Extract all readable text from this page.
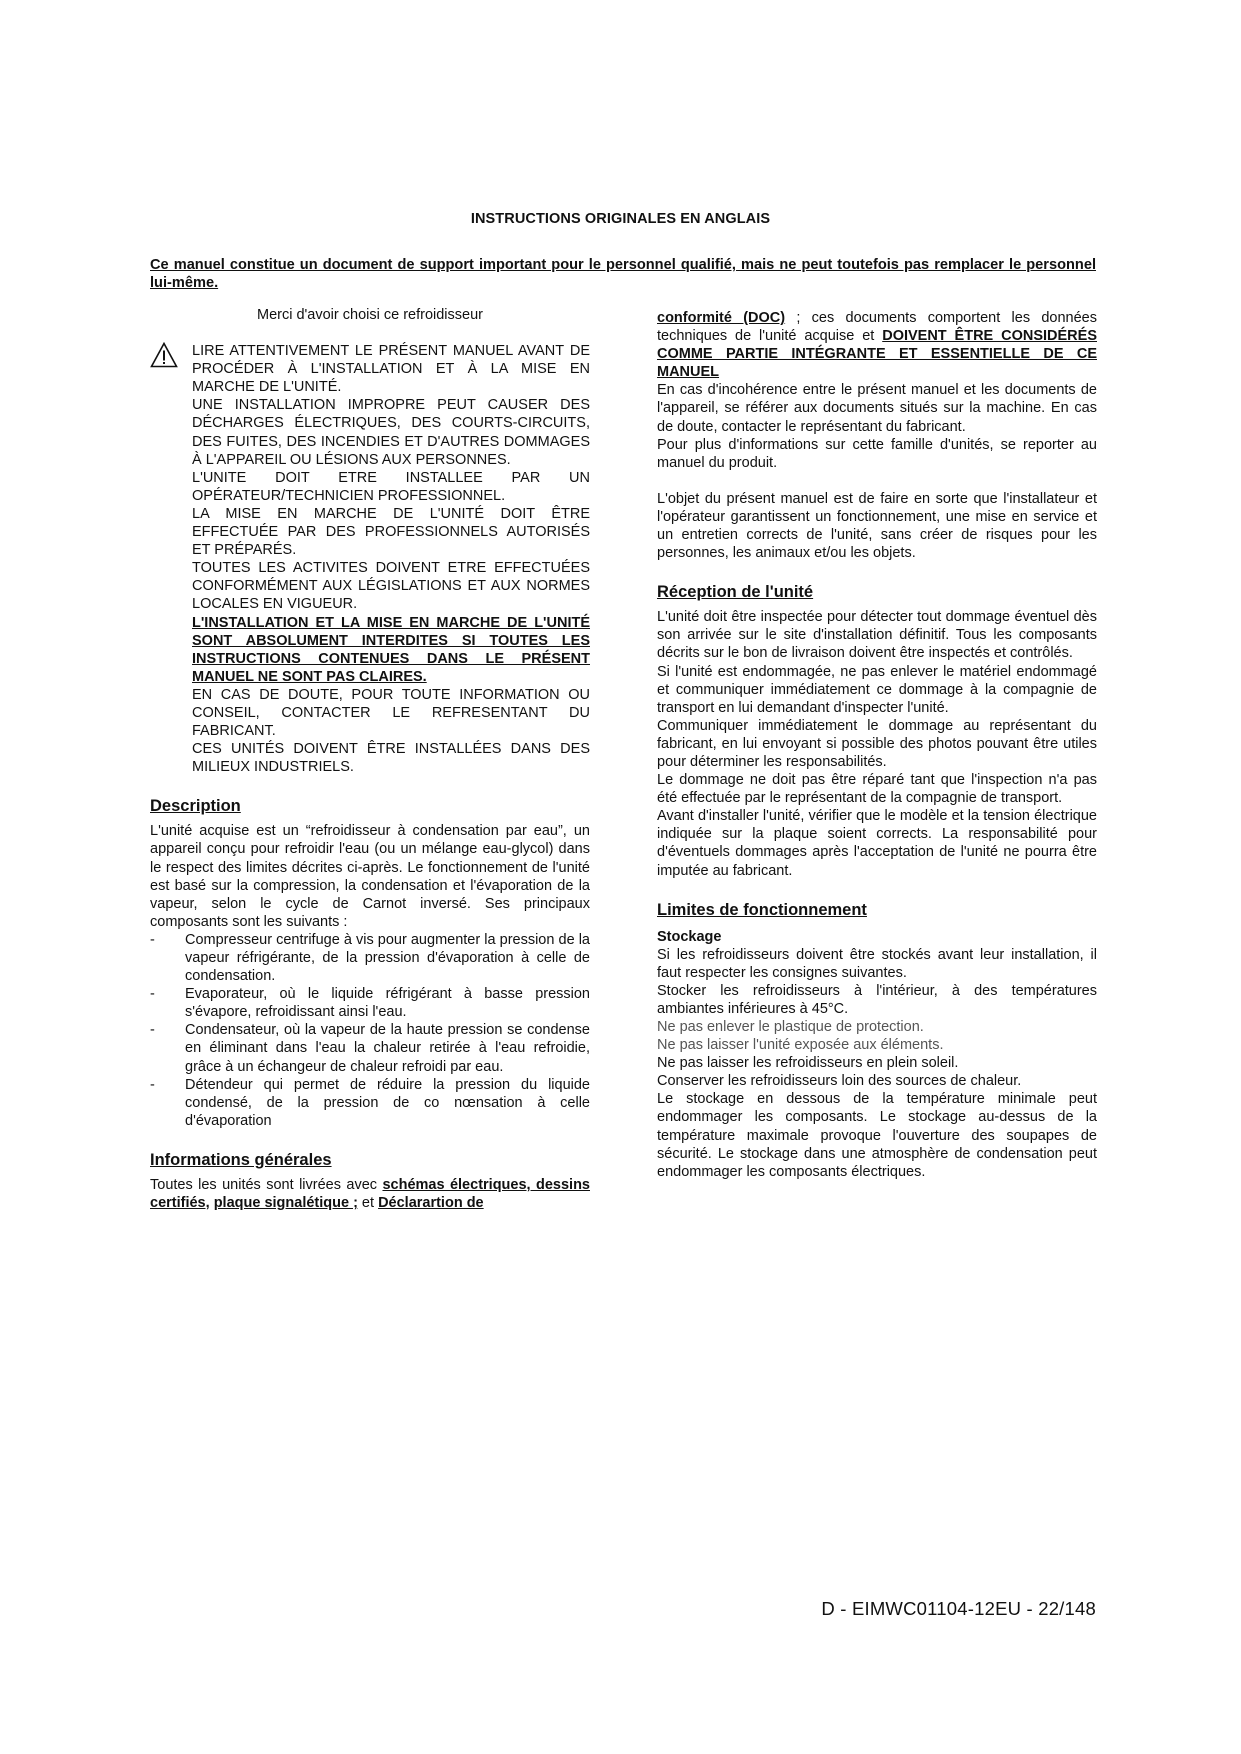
INSTRUCTIONS ORIGINALES EN ANGLAIS
Ce manuel constitue un document de support important pour le personnel qualifié, mais ne peut toutefois pas remplacer le personnel lui-même.
Merci d'avoir choisi ce refroidisseur

LIRE ATTENTIVEMENT LE PRÉSENT MANUEL AVANT DE PROCÉDER À L'INSTALLATION ET À LA MISE EN MARCHE DE L'UNITÉ.

UNE INSTALLATION IMPROPRE PEUT CAUSER DES DÉCHARGES ÉLECTRIQUES, DES COURTS-CIRCUITS, DES FUITES, DES INCENDIES ET D'AUTRES DOMMAGES À L'APPAREIL OU LÉSIONS AUX PERSONNES.

L'UNITE DOIT ETRE INSTALLEE PAR UN OPÉRATEUR/TECHNICIEN PROFESSIONNEL.

LA MISE EN MARCHE DE L'UNITÉ DOIT ÊTRE EFFECTUÉE PAR DES PROFESSIONNELS AUTORISÉS ET PRÉPARÉS.

TOUTES LES ACTIVITES DOIVENT ETRE EFFECTUÉES CONFORMÉMENT AUX LÉGISLATIONS ET AUX NORMES LOCALES EN VIGUEUR.

L'INSTALLATION ET LA MISE EN MARCHE DE L'UNITÉ SONT ABSOLUMENT INTERDITES SI TOUTES LES INSTRUCTIONS CONTENUES DANS LE PRÉSENT MANUEL NE SONT PAS CLAIRES.

EN CAS DE DOUTE, POUR TOUTE INFORMATION OU CONSEIL, CONTACTER LE REFRESENTANT DU FABRICANT.

CES UNITÉS DOIVENT ÊTRE INSTALLÉES DANS DES MILIEUX INDUSTRIELS.

Description

L'unité acquise est un “refroidisseur à condensation par eau”, un appareil conçu pour refroidir l'eau (ou un mélange eau-glycol) dans le respect des limites décrites ci-après. Le fonctionnement de l'unité est basé sur la compression, la condensation et l'évaporation de la vapeur, selon le cycle de Carnot inversé. Ses principaux composants sont les suivants :

- Compresseur centrifuge à vis pour augmenter la pression de la vapeur réfrigérante, de la pression d'évaporation à celle de condensation.
- Evaporateur, où le liquide réfrigérant à basse pression s'évapore, refroidissant ainsi l'eau.
- Condensateur, où la vapeur de la haute pression se condense en éliminant dans l'eau la chaleur retirée à l'eau refroidie, grâce à un échangeur de chaleur refroidi par eau.
- Détendeur qui permet de réduire la pression du liquide condensé, de la pression de co nœnsation à celle d'évaporation
Informations générales

Toutes les unités sont livrées avec schémas électriques, dessins certifiés, plaque signalétique ; et Déclarartion de

conformité (DOC) ; ces documents comportent les données techniques de l'unité acquise et DOIVENT ÊTRE CONSIDÉRÉS COMME PARTIE INTÉGRANTE ET ESSENTIELLE DE CE MANUEL

En cas d'incohérence entre le présent manuel et les documents de l'appareil, se référer aux documents situés sur la machine. En cas de doute, contacter le représentant du fabricant.

Pour plus d'informations sur cette famille d'unités, se reporter au manuel du produit.

L'objet du présent manuel est de faire en sorte que l'installateur et l'opérateur garantissent un fonctionnement, une mise en service et un entretien corrects de l'unité, sans créer de risques pour les personnes, les animaux et/ou les objets.

Réception de l'unité

L'unité doit être inspectée pour détecter tout dommage éventuel dès son arrivée sur le site d'installation définitif. Tous les composants décrits sur le bon de livraison doivent être inspectés et contrôlés.

Si l'unité est endommagée, ne pas enlever le matériel endommagé et communiquer immédiatement ce dommage à la compagnie de transport en lui demandant d'inspecter l'unité.

Communiquer immédiatement le dommage au représentant du fabricant, en lui envoyant si possible des photos pouvant être utiles pour déterminer les responsabilités.

Le dommage ne doit pas être réparé tant que l'inspection n'a pas été effectuée par le représentant de la compagnie de transport.

Avant d'installer l'unité, vérifier que le modèle et la tension électrique indiquée sur la plaque soient corrects. La responsabilité pour d'éventuels dommages après l'acceptation de l'unité ne pourra être imputée au fabricant.

Limites de fonctionnement
Stockage

Si les refroidisseurs doivent être stockés avant leur installation, il faut respecter les consignes suivantes.

Stocker les refroidisseurs à l'intérieur, à des températures ambiantes inférieures à 45°C.

Ne pas enlever le plastique de protection.

Ne pas laisser l'unité exposée aux éléments.

Ne pas laisser les refroidisseurs en plein soleil.

Conserver les refroidisseurs loin des sources de chaleur.

Le stockage en dessous de la température minimale peut endommager les composants. Le stockage au-dessus de la température maximale provoque l'ouverture des soupapes de sécurité. Le stockage dans une atmosphère de condensation peut endommager les composants électriques.

D - EIMWC01104-12EU - 22/148
